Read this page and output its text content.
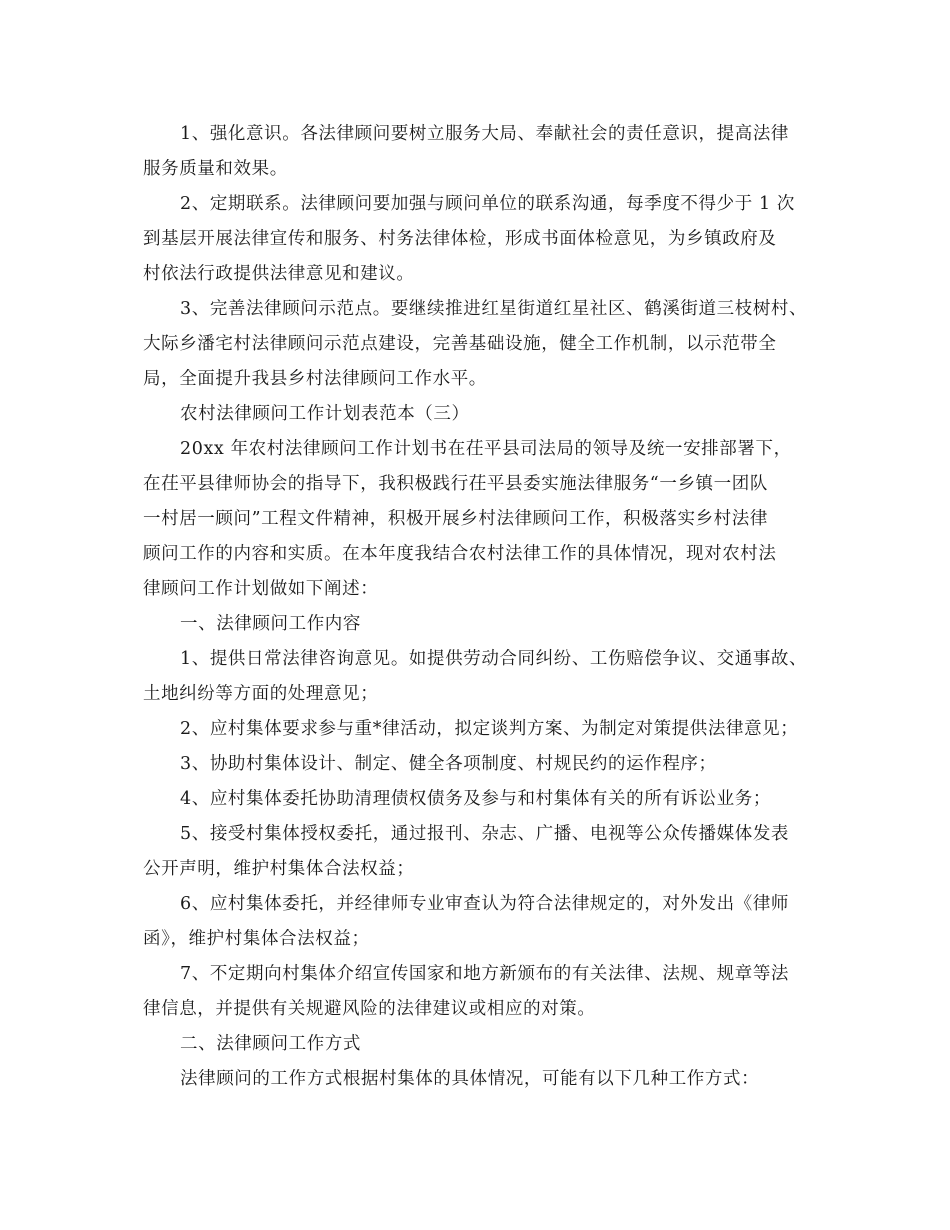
1、强化意识。各法律顾问要树立服务大局、奉献社会的责任意识，提高法律

服务质量和效果。

2、定期联系。法律顾问要加强与顾问单位的联系沟通，每季度不得少于 1 次

到基层开展法律宣传和服务、村务法律体检，形成书面体检意见，为乡镇政府及

村依法行政提供法律意见和建议。

3、完善法律顾问示范点。要继续推进红星街道红星社区、鹤溪街道三枝树村、

大际乡潘宅村法律顾问示范点建设，完善基础设施，健全工作机制，以示范带全

局，全面提升我县乡村法律顾问工作水平。

农村法律顾问工作计划表范本（三）

20xx 年农村法律顾问工作计划书在茌平县司法局的领导及统一安排部署下，

在茌平县律师协会的指导下，我积极践行茌平县委实施法律服务“一乡镇一团队

一村居一顾问”工程文件精神，积极开展乡村法律顾问工作，积极落实乡村法律

顾问工作的内容和实质。在本年度我结合农村法律工作的具体情况，现对农村法

律顾问工作计划做如下阐述：

一、法律顾问工作内容

1、提供日常法律咨询意见。如提供劳动合同纠纷、工伤赔偿争议、交通事故、

土地纠纷等方面的处理意见；

2、应村集体要求参与重*律活动，拟定谈判方案、为制定对策提供法律意见；

3、协助村集体设计、制定、健全各项制度、村规民约的运作程序；

4、应村集体委托协助清理债权债务及参与和村集体有关的所有诉讼业务；

5、接受村集体授权委托，通过报刊、杂志、广播、电视等公众传播媒体发表

公开声明，维护村集体合法权益；

6、应村集体委托，并经律师专业审查认为符合法律规定的，对外发出《律师

函》，维护村集体合法权益；

7、不定期向村集体介绍宣传国家和地方新颁布的有关法律、法规、规章等法

律信息，并提供有关规避风险的法律建议或相应的对策。

二、法律顾问工作方式

法律顾问的工作方式根据村集体的具体情况，可能有以下几种工作方式：
